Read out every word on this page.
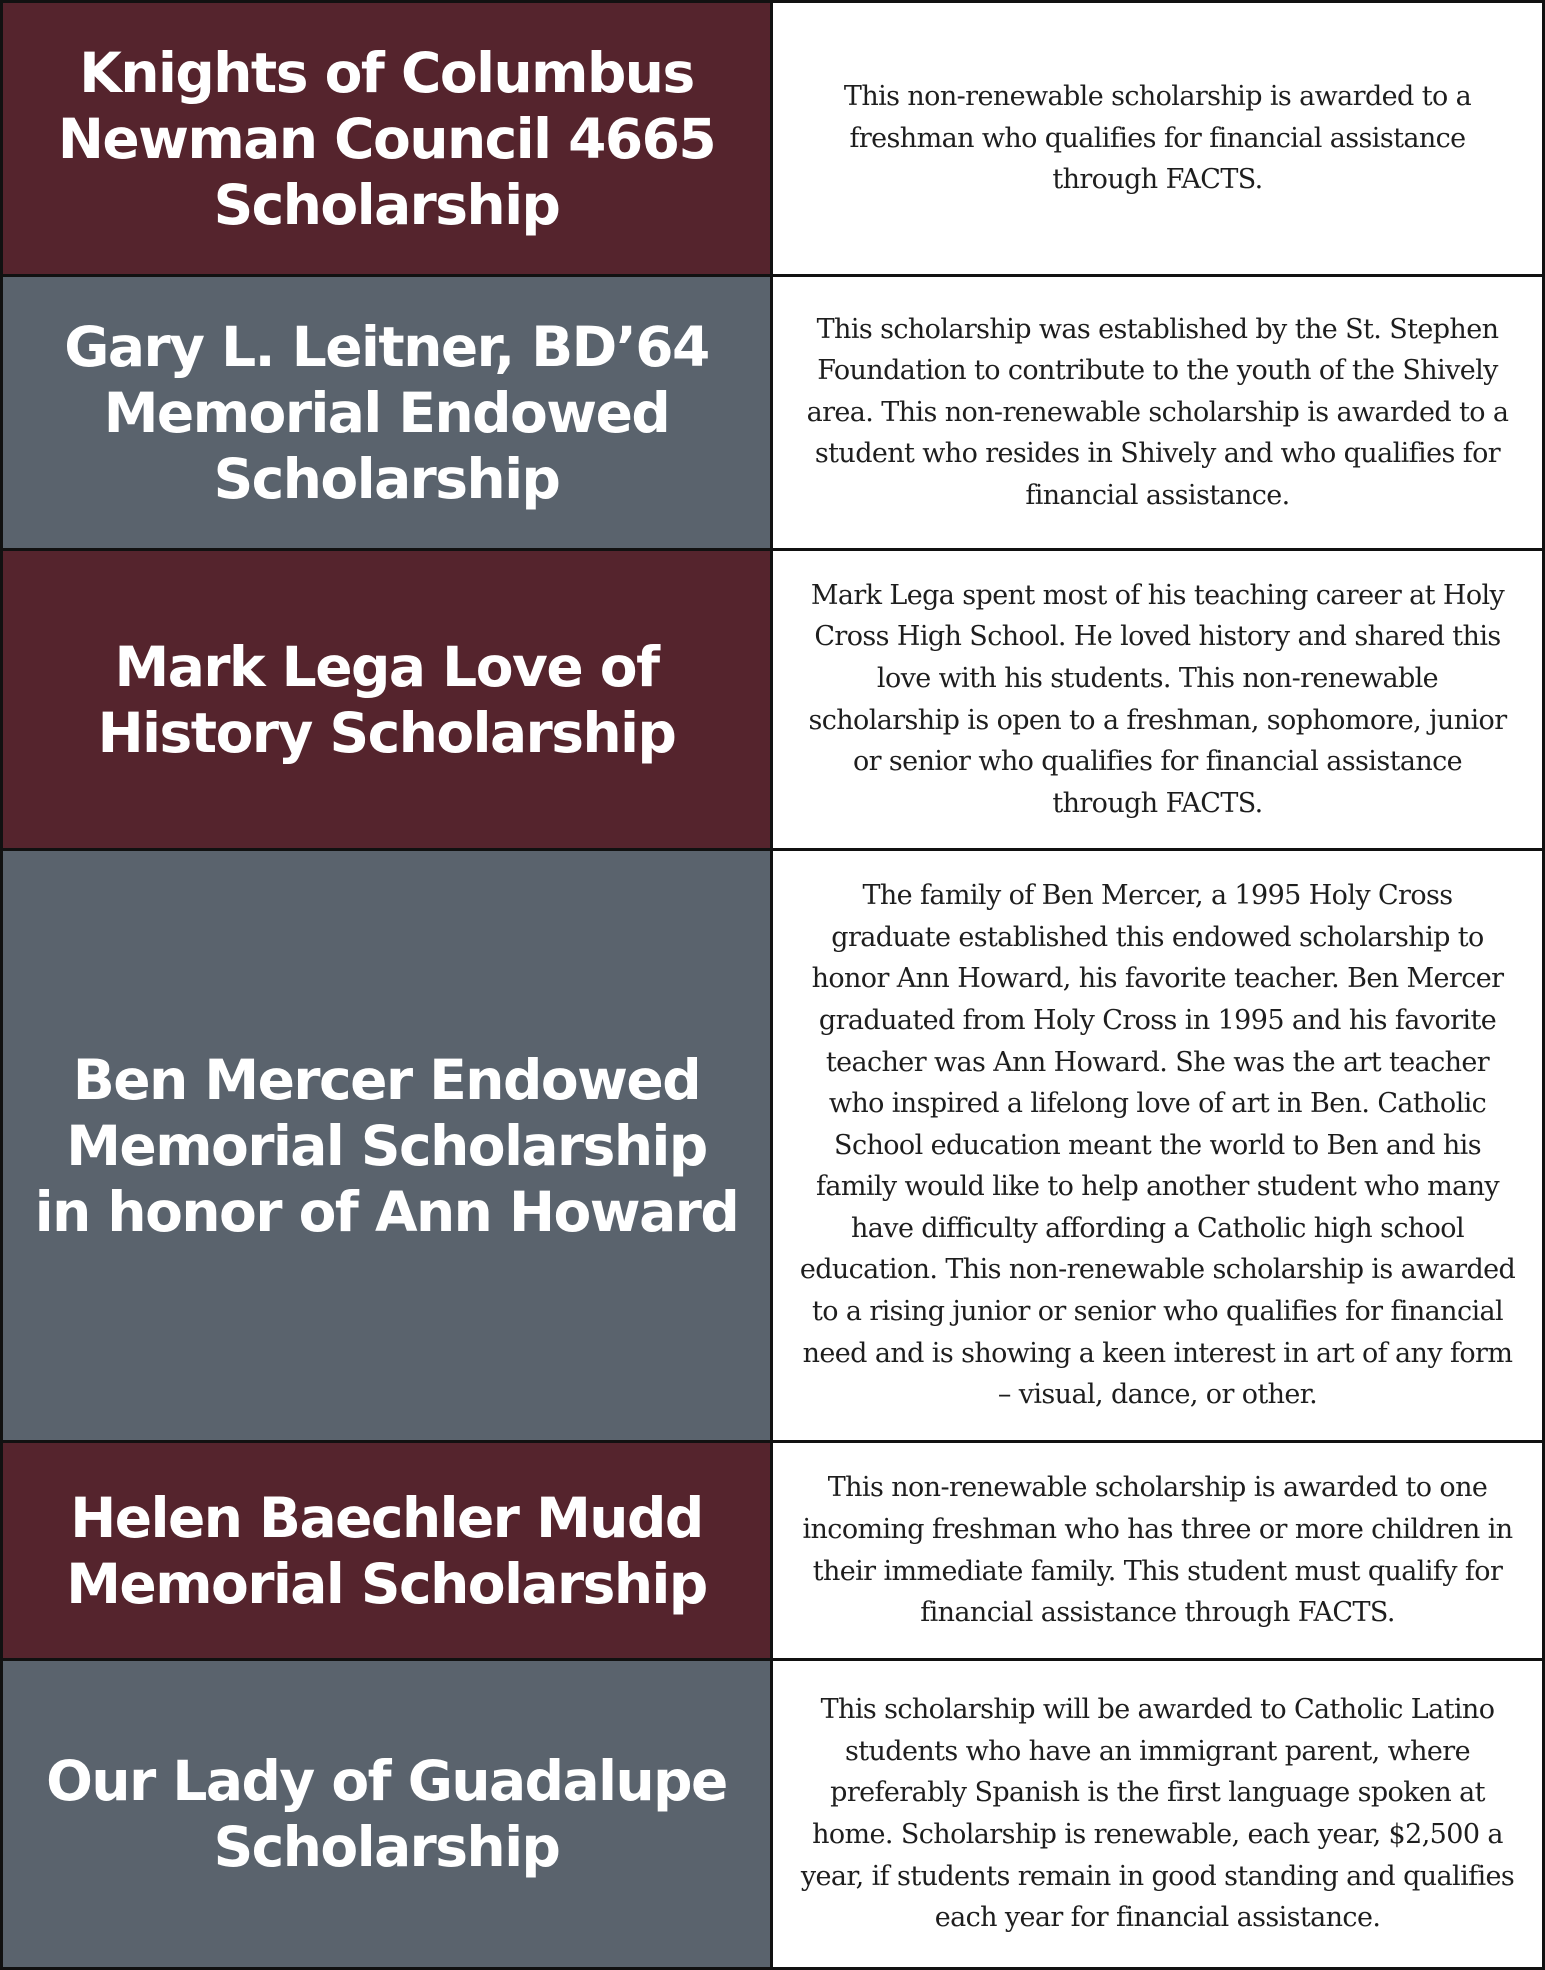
Knights of Columbus Newman Council 4665 Scholarship
This non-renewable scholarship is awarded to a freshman who qualifies for financial assistance through FACTS.
Gary L. Leitner, BD’64 Memorial Endowed Scholarship
This scholarship was established by the St. Stephen Foundation to contribute to the youth of the Shively area. This non-renewable scholarship is awarded to a student who resides in Shively and who qualifies for financial assistance.
Mark Lega Love of History Scholarship
Mark Lega spent most of his teaching career at Holy Cross High School. He loved history and shared this love with his students. This non-renewable scholarship is open to a freshman, sophomore, junior or senior who qualifies for financial assistance through FACTS.
Ben Mercer Endowed Memorial Scholarship in honor of Ann Howard
The family of Ben Mercer, a 1995 Holy Cross graduate established this endowed scholarship to honor Ann Howard, his favorite teacher. Ben Mercer graduated from Holy Cross in 1995 and his favorite teacher was Ann Howard. She was the art teacher who inspired a lifelong love of art in Ben. Catholic School education meant the world to Ben and his family would like to help another student who many have difficulty affording a Catholic high school education. This non-renewable scholarship is awarded to a rising junior or senior who qualifies for financial need and is showing a keen interest in art of any form – visual, dance, or other.
Helen Baechler Mudd Memorial Scholarship
This non-renewable scholarship is awarded to one incoming freshman who has three or more children in their immediate family. This student must qualify for financial assistance through FACTS.
Our Lady of Guadalupe Scholarship
This scholarship will be awarded to Catholic Latino students who have an immigrant parent, where preferably Spanish is the first language spoken at home. Scholarship is renewable, each year, $2,500 a year, if students remain in good standing and qualifies each year for financial assistance.
